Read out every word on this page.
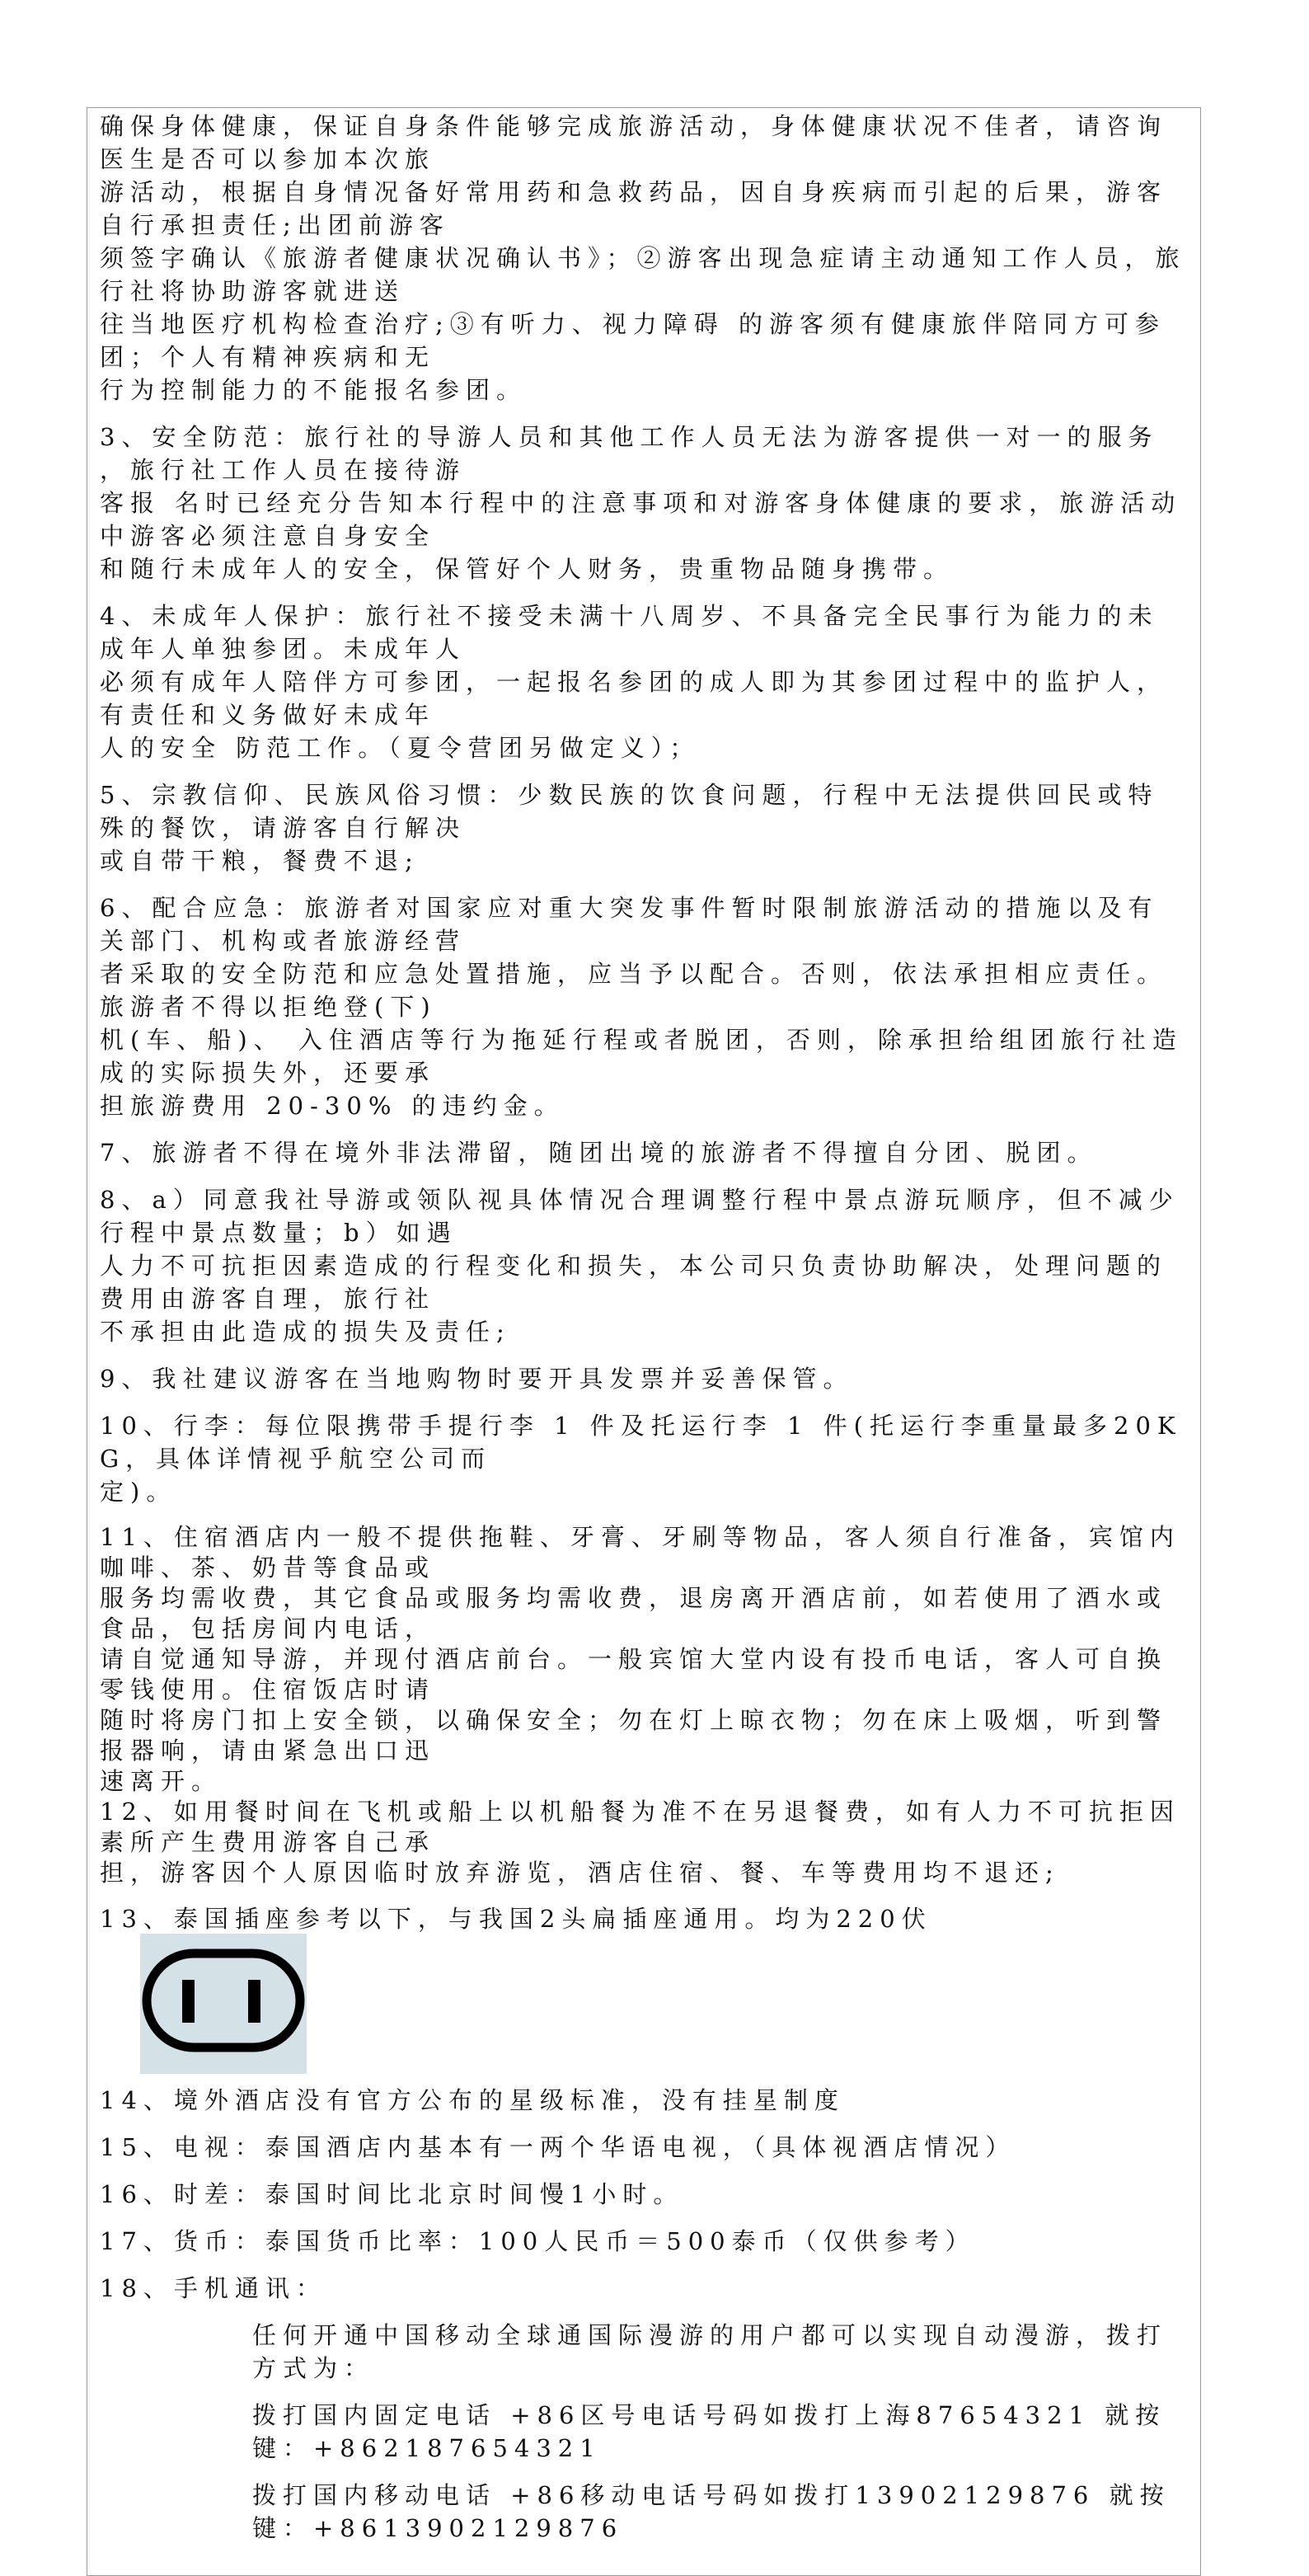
确保身体健康，保证自身条件能够完成旅游活动，身体健康状况不佳者，请咨询医生是否可以参加本次旅
游活动，根据自身情况备好常用药和急救药品，因自身疾病而引起的后果，游客自行承担责任;出团前游客
须签字确认《旅游者健康状况确认书》；②游客出现急症请主动通知工作人员，旅行社将协助游客就进送
往当地医疗机构检查治疗;③有听力、视力障碍 的游客须有健康旅伴陪同方可参团；个人有精神疾病和无
行为控制能力的不能报名参团。
3、安全防范：旅行社的导游人员和其他工作人员无法为游客提供一对一的服务，旅行社工作人员在接待游
客报 名时已经充分告知本行程中的注意事项和对游客身体健康的要求，旅游活动中游客必须注意自身安全
和随行未成年人的安全，保管好个人财务，贵重物品随身携带。
4、未成年人保护：旅行社不接受未满十八周岁、不具备完全民事行为能力的未成年人单独参团。未成年人
必须有成年人陪伴方可参团，一起报名参团的成人即为其参团过程中的监护人，有责任和义务做好未成年
人的安全 防范工作。（夏令营团另做定义）；
5、宗教信仰、民族风俗习惯：少数民族的饮食问题，行程中无法提供回民或特殊的餐饮，请游客自行解决
或自带干粮，餐费不退;
6、配合应急：旅游者对国家应对重大突发事件暂时限制旅游活动的措施以及有关部门、机构或者旅游经营
者采取的安全防范和应急处置措施，应当予以配合。否则，依法承担相应责任。旅游者不得以拒绝登(下)
机(车、船)、 入住酒店等行为拖延行程或者脱团，否则，除承担给组团旅行社造成的实际损失外，还要承
担旅游费用 20-30% 的违约金。
7、旅游者不得在境外非法滞留，随团出境的旅游者不得擅自分团、脱团。
8、a）同意我社导游或领队视具体情况合理调整行程中景点游玩顺序，但不减少行程中景点数量；b）如遇
人力不可抗拒因素造成的行程变化和损失，本公司只负责协助解决，处理问题的费用由游客自理，旅行社
不承担由此造成的损失及责任;
9、我社建议游客在当地购物时要开具发票并妥善保管。
10、行李：每位限携带手提行李 1 件及托运行李 1 件(托运行李重量最多20KG，具体详情视乎航空公司而
定)。
11、住宿酒店内一般不提供拖鞋、牙膏、牙刷等物品，客人须自行准备，宾馆内咖啡、茶、奶昔等食品或
服务均需收费，其它食品或服务均需收费，退房离开酒店前，如若使用了酒水或食品，包括房间内电话，
请自觉通知导游，并现付酒店前台。一般宾馆大堂内设有投币电话，客人可自换零钱使用。住宿饭店时请
随时将房门扣上安全锁，以确保安全；勿在灯上晾衣物；勿在床上吸烟，听到警报器响，请由紧急出口迅
速离开。
12、如用餐时间在飞机或船上以机船餐为准不在另退餐费，如有人力不可抗拒因素所产生费用游客自己承
担，游客因个人原因临时放弃游览，酒店住宿、餐、车等费用均不退还;
13、泰国插座参考以下，与我国2头扁插座通用。均为220伏
14、境外酒店没有官方公布的星级标准，没有挂星制度
15、电视：泰国酒店内基本有一两个华语电视，（具体视酒店情况）
16、时差：泰国时间比北京时间慢1小时。
17、货币：泰国货币比率：100人民币＝500泰币（仅供参考）
18、手机通讯：
任何开通中国移动全球通国际漫游的用户都可以实现自动漫游，拨打方式为：
拨打国内固定电话 +86区号电话号码如拨打上海87654321 就按键：+862187654321
拨打国内移动电话 +86移动电话号码如拨打13902129876 就按键：+8613902129876
